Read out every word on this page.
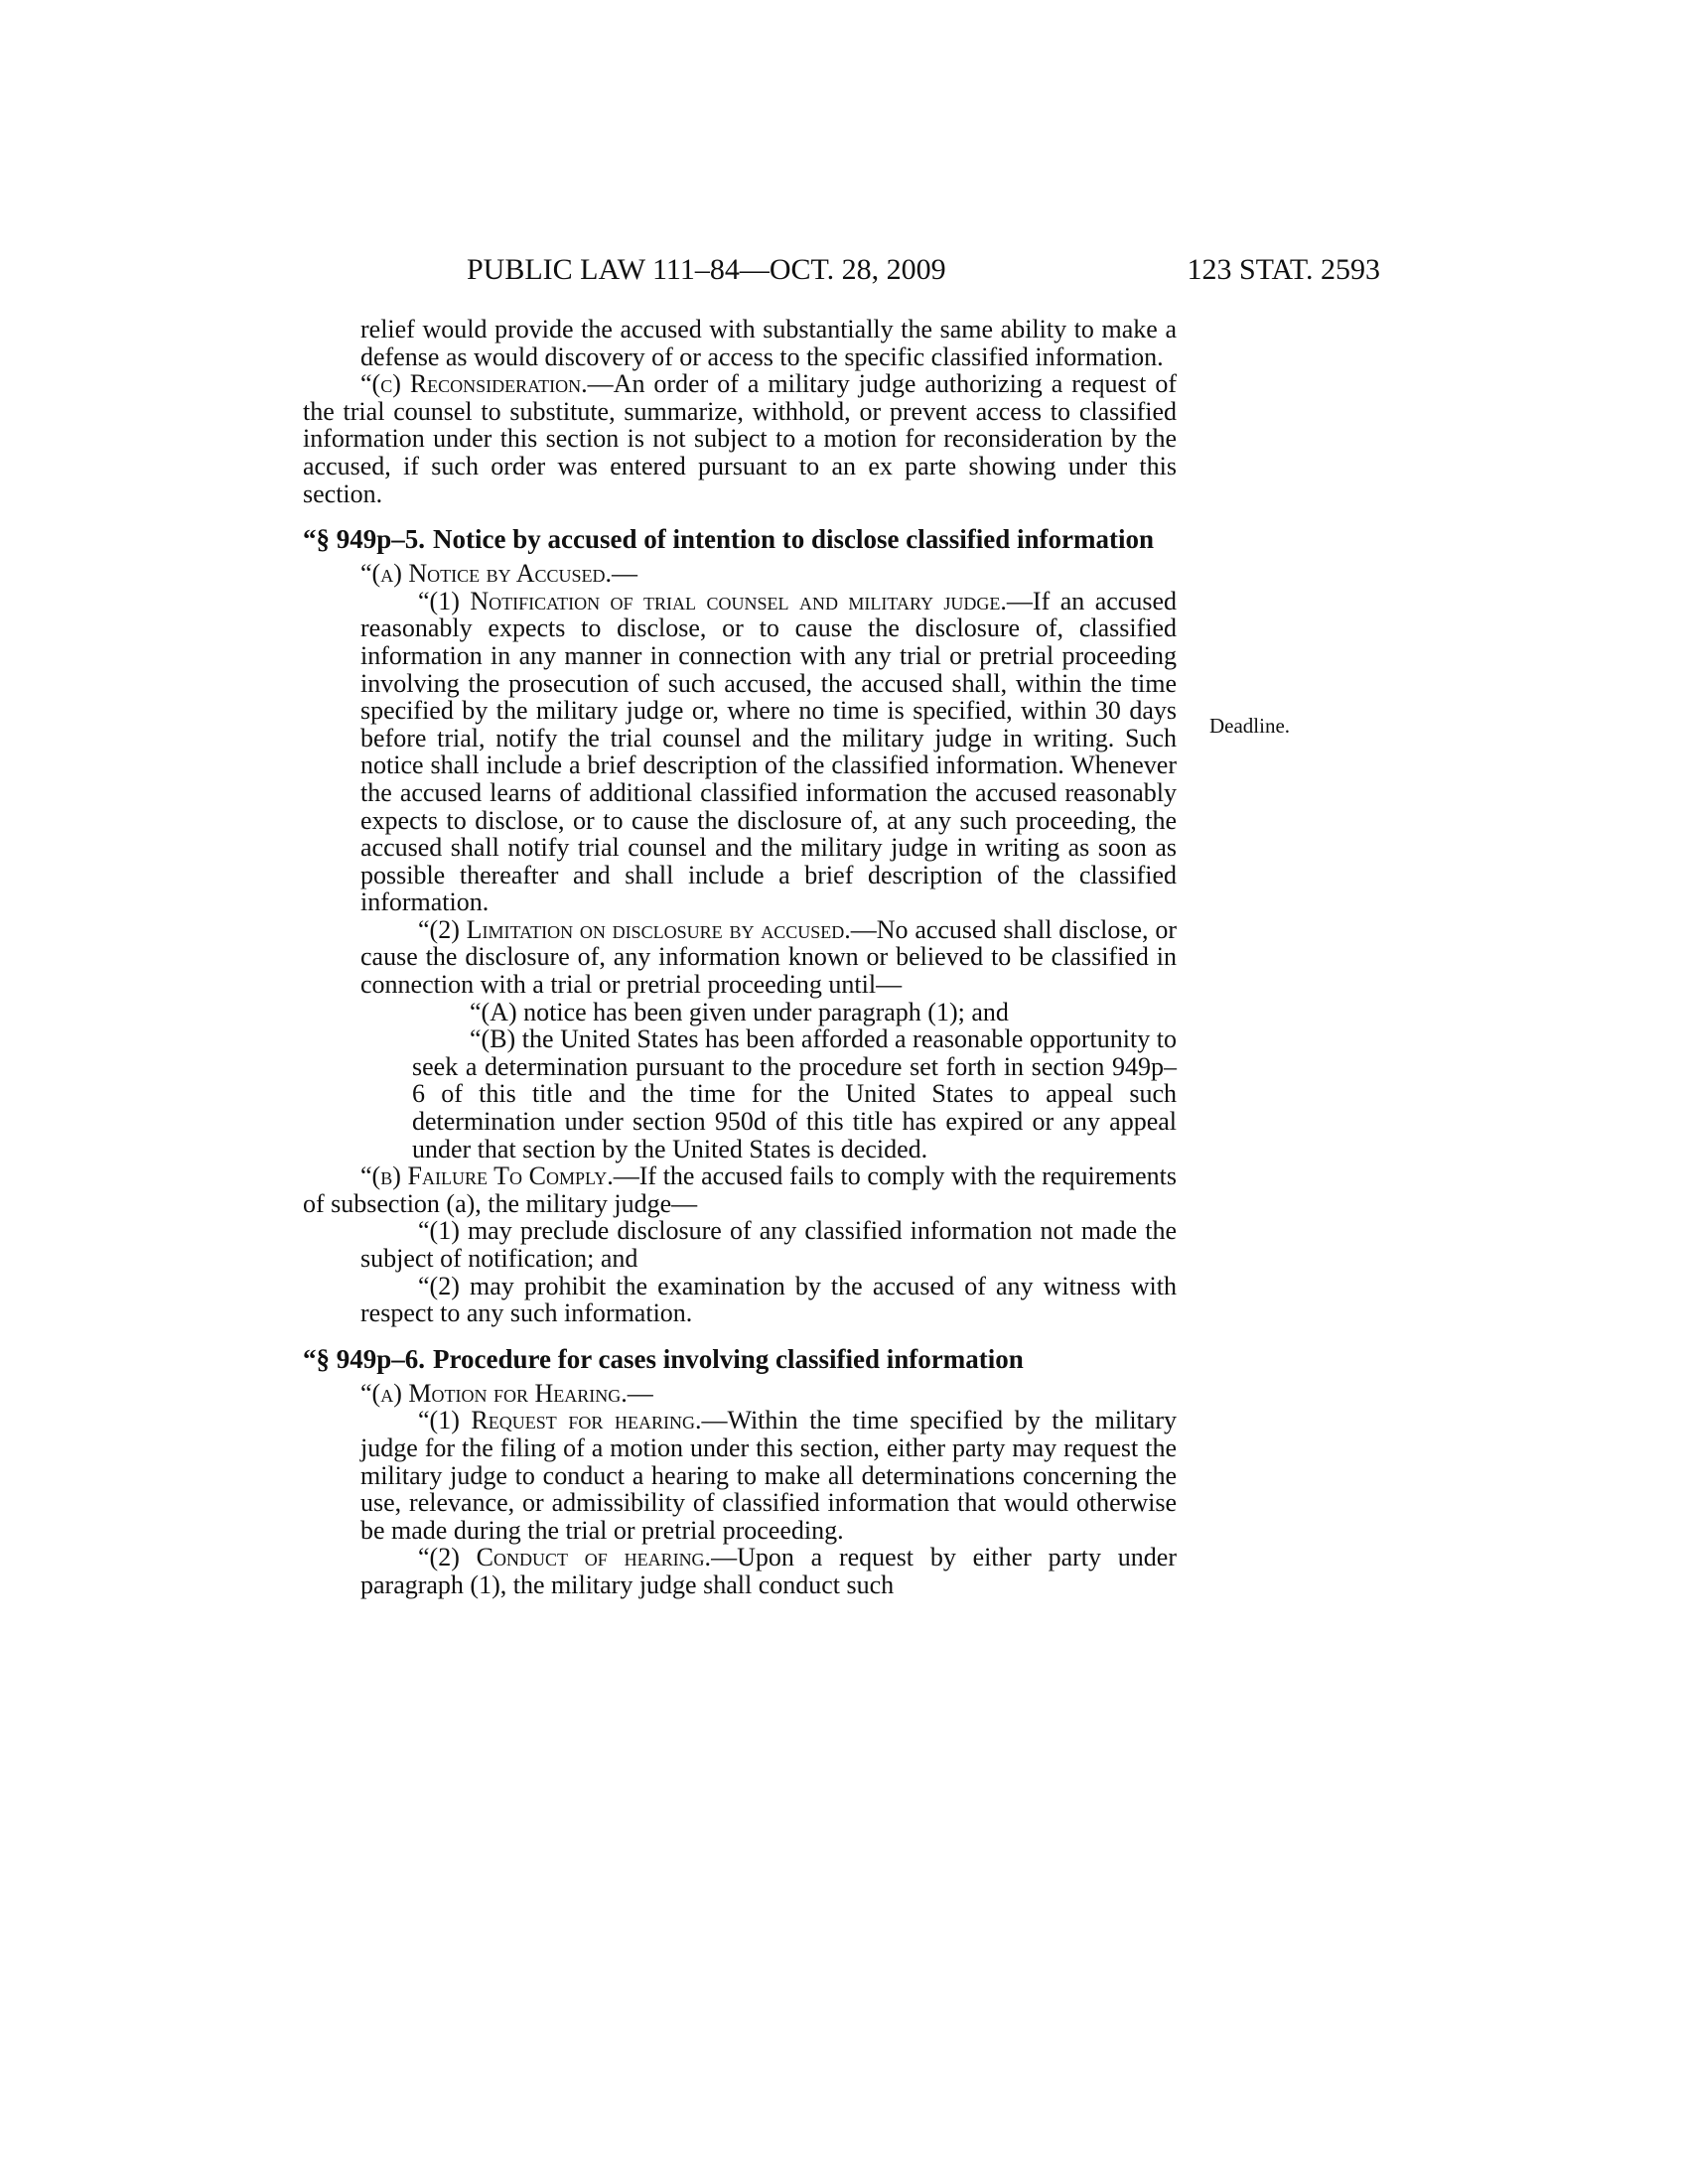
PUBLIC LAW 111–84—OCT. 28, 2009	123 STAT. 2593
Deadline.

relief would provide the accused with substantially the same ability to make a defense as would discovery of or access to the specific classified information.

“(c) Reconsideration.—An order of a military judge authorizing a request of the trial counsel to substitute, summarize, withhold, or prevent access to classified information under this section is not subject to a motion for reconsideration by the accused, if such order was entered pursuant to an ex parte showing under this section.

“§ 949p–5. Notice by accused of intention to disclose classified information

“(a) Notice by Accused.—

“(1) Notification of trial counsel and military judge.—If an accused reasonably expects to disclose, or to cause the disclosure of, classified information in any manner in connection with any trial or pretrial proceeding involving the prosecution of such accused, the accused shall, within the time specified by the military judge or, where no time is specified, within 30 days before trial, notify the trial counsel and the military judge in writing. Such notice shall include a brief description of the classified information. Whenever the accused learns of additional classified information the accused reasonably expects to disclose, or to cause the disclosure of, at any such proceeding, the accused shall notify trial counsel and the military judge in writing as soon as possible thereafter and shall include a brief description of the classified information.

“(2) Limitation on disclosure by accused.—No accused shall disclose, or cause the disclosure of, any information known or believed to be classified in connection with a trial or pretrial proceeding until—

“(A) notice has been given under paragraph (1); and

“(B) the United States has been afforded a reasonable opportunity to seek a determination pursuant to the procedure set forth in section 949p–6 of this title and the time for the United States to appeal such determination under section 950d of this title has expired or any appeal under that section by the United States is decided.

“(b) Failure To Comply.—If the accused fails to comply with the requirements of subsection (a), the military judge—

“(1) may preclude disclosure of any classified information not made the subject of notification; and

“(2) may prohibit the examination by the accused of any witness with respect to any such information.

“§ 949p–6. Procedure for cases involving classified information

“(a) Motion for Hearing.—

“(1) Request for hearing.—Within the time specified by the military judge for the filing of a motion under this section, either party may request the military judge to conduct a hearing to make all determinations concerning the use, relevance, or admissibility of classified information that would otherwise be made during the trial or pretrial proceeding.

“(2) Conduct of hearing.—Upon a request by either party under paragraph (1), the military judge shall conduct such
